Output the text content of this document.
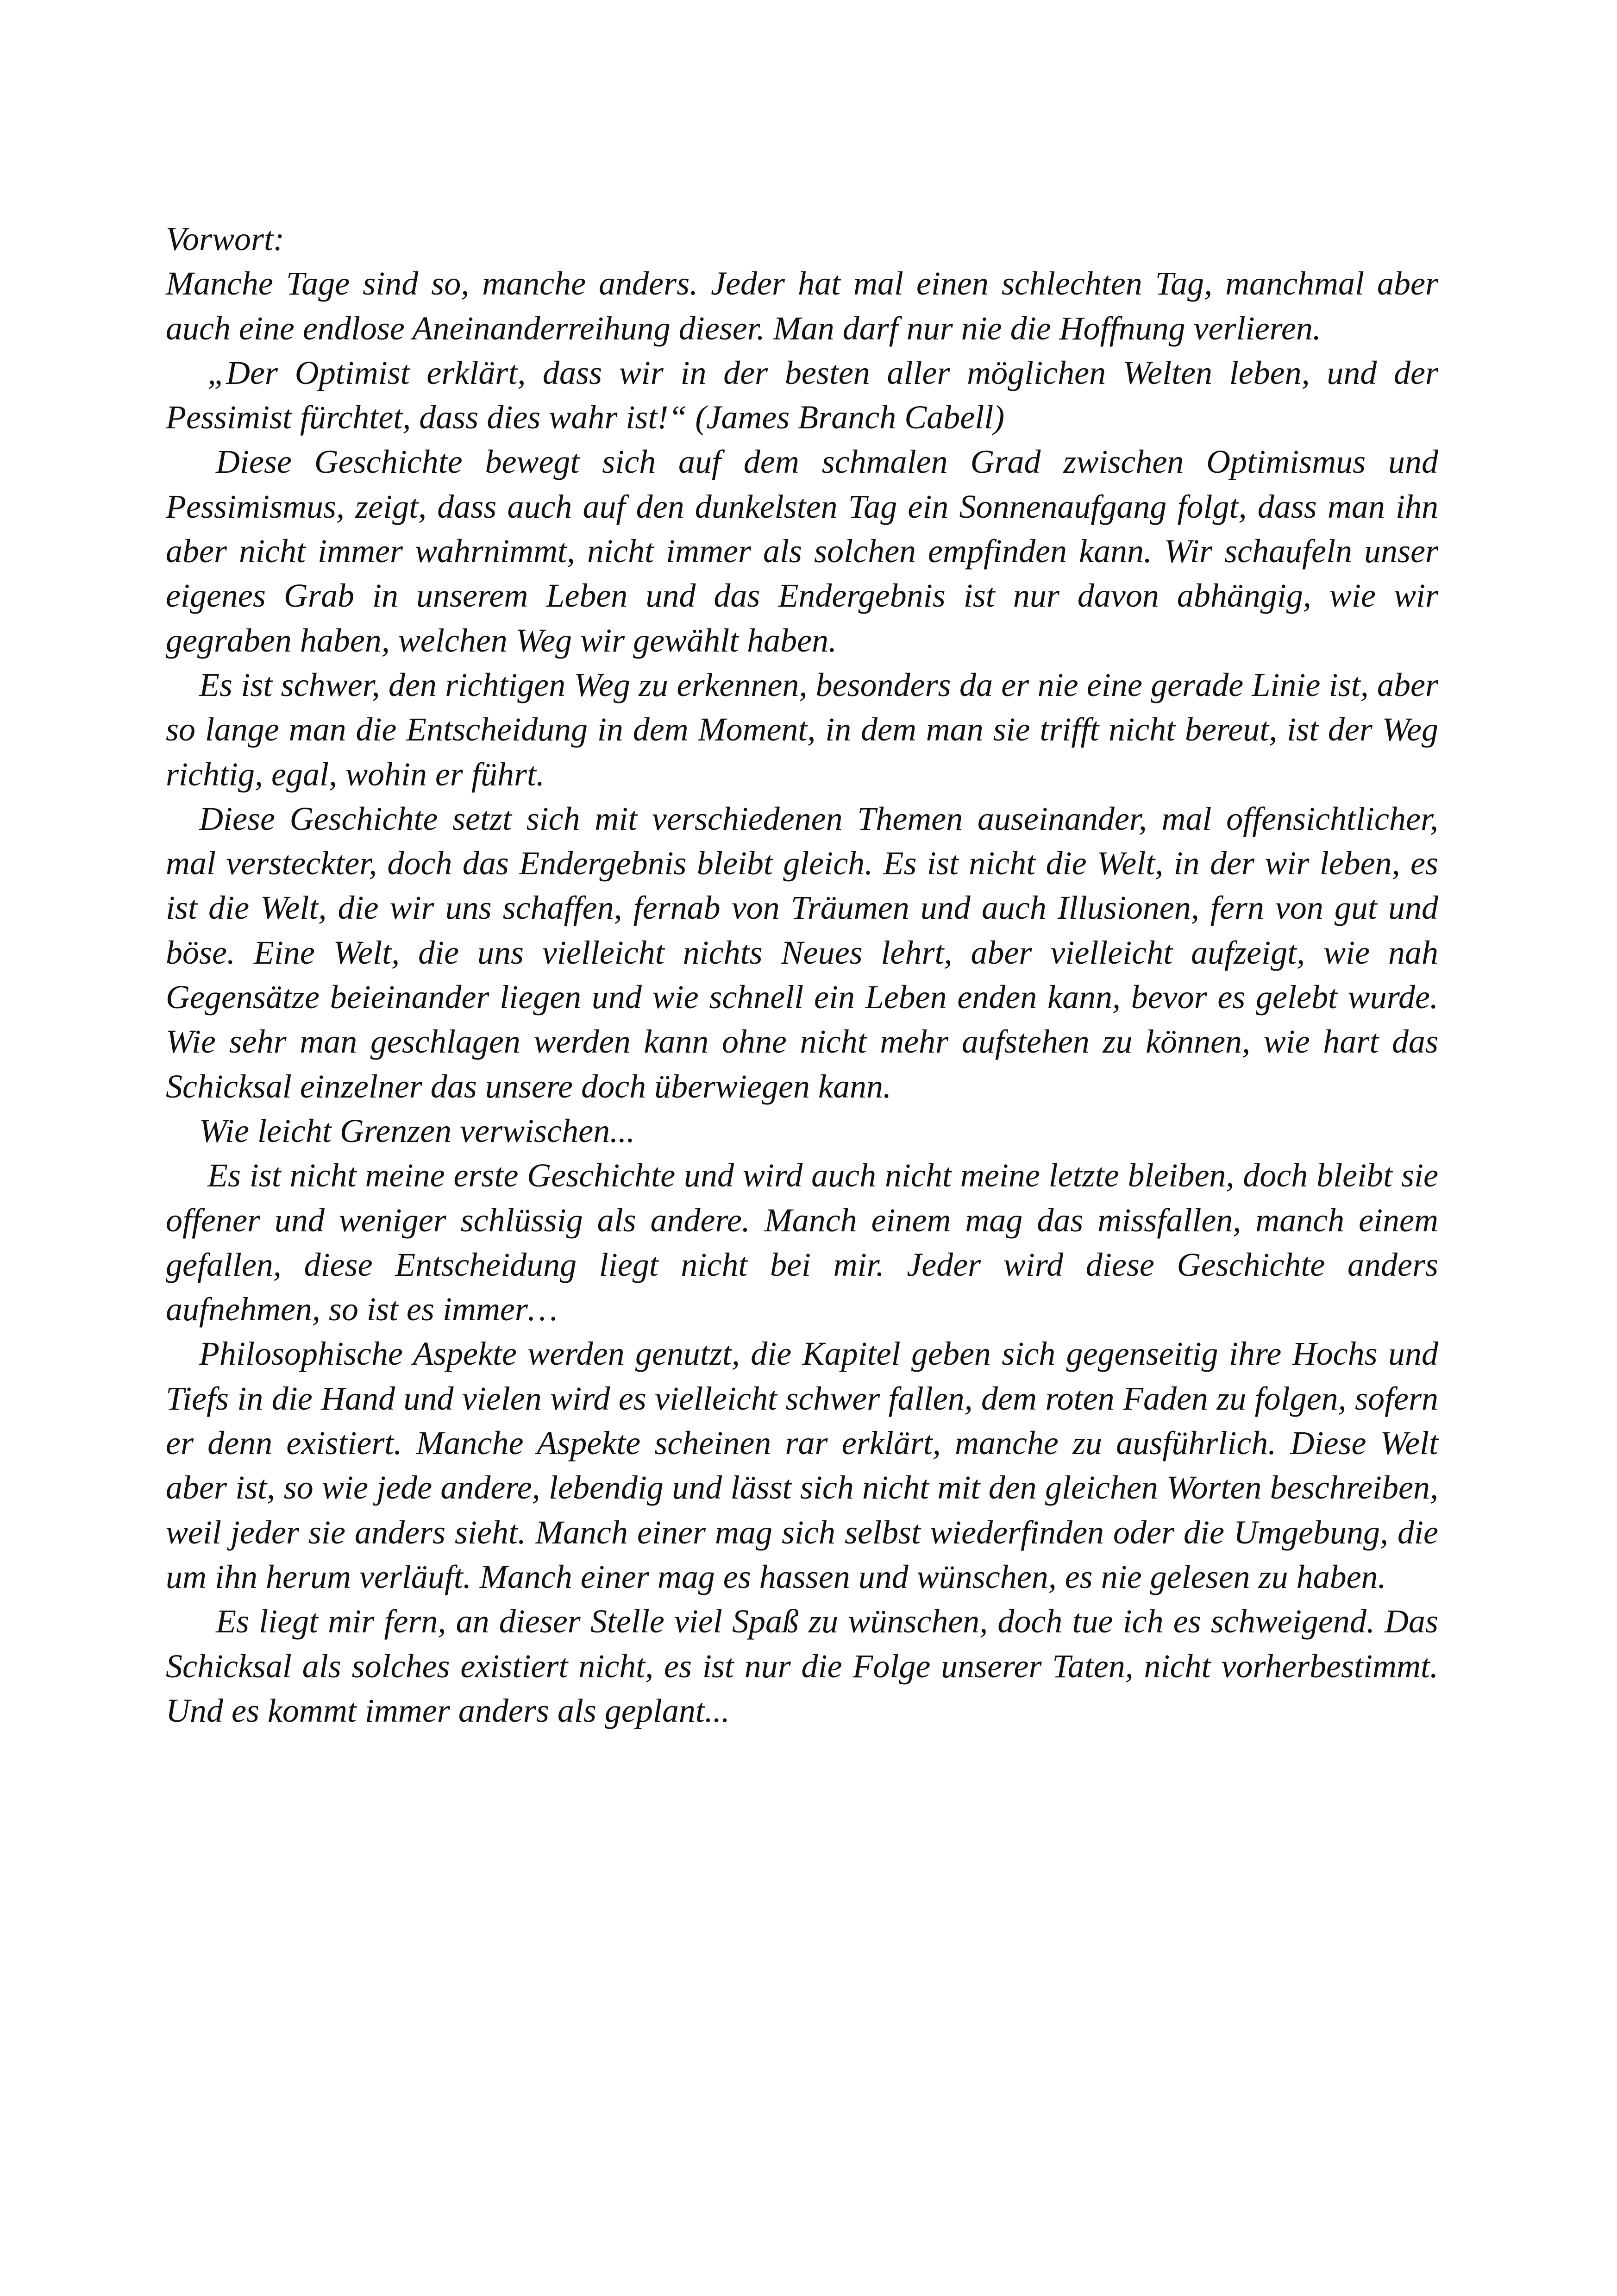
Vorwort:

Manche Tage sind so, manche anders. Jeder hat mal einen schlechten Tag, manchmal aber auch eine endlose Aneinanderreihung dieser. Man darf nur nie die Hoffnung verlieren.

„Der Optimist erklärt, dass wir in der besten aller möglichen Welten leben, und der Pessimist fürchtet, dass dies wahr ist!“ (James Branch Cabell)

Diese Geschichte bewegt sich auf dem schmalen Grad zwischen Optimismus und Pessimismus, zeigt, dass auch auf den dunkelsten Tag ein Sonnenaufgang folgt, dass man ihn aber nicht immer wahrnimmt, nicht immer als solchen empfinden kann. Wir schaufeln unser eigenes Grab in unserem Leben und das Endergebnis ist nur davon abhängig, wie wir gegraben haben, welchen Weg wir gewählt haben.

Es ist schwer, den richtigen Weg zu erkennen, besonders da er nie eine gerade Linie ist, aber so lange man die Entscheidung in dem Moment, in dem man sie trifft nicht bereut, ist der Weg richtig, egal, wohin er führt.

Diese Geschichte setzt sich mit verschiedenen Themen auseinander, mal offensichtlicher, mal versteckter, doch das Endergebnis bleibt gleich. Es ist nicht die Welt, in der wir leben, es ist die Welt, die wir uns schaffen, fernab von Träumen und auch Illusionen, fern von gut und böse. Eine Welt, die uns vielleicht nichts Neues lehrt, aber vielleicht aufzeigt, wie nah Gegensätze beieinander liegen und wie schnell ein Leben enden kann, bevor es gelebt wurde. Wie sehr man geschlagen werden kann ohne nicht mehr aufstehen zu können, wie hart das Schicksal einzelner das unsere doch überwiegen kann.

Wie leicht Grenzen verwischen...

Es ist nicht meine erste Geschichte und wird auch nicht meine letzte bleiben, doch bleibt sie offener und weniger schlüssig als andere. Manch einem mag das missfallen, manch einem gefallen, diese Entscheidung liegt nicht bei mir. Jeder wird diese Geschichte anders aufnehmen, so ist es immer…

Philosophische Aspekte werden genutzt, die Kapitel geben sich gegenseitig ihre Hochs und Tiefs in die Hand und vielen wird es vielleicht schwer fallen, dem roten Faden zu folgen, sofern er denn existiert. Manche Aspekte scheinen rar erklärt, manche zu ausführlich. Diese Welt aber ist, so wie jede andere, lebendig und lässt sich nicht mit den gleichen Worten beschreiben, weil jeder sie anders sieht. Manch einer mag sich selbst wiederfinden oder die Umgebung, die um ihn herum verläuft. Manch einer mag es hassen und wünschen, es nie gelesen zu haben.

Es liegt mir fern, an dieser Stelle viel Spaß zu wünschen, doch tue ich es schweigend. Das Schicksal als solches existiert nicht, es ist nur die Folge unserer Taten, nicht vorherbestimmt. Und es kommt immer anders als geplant...
